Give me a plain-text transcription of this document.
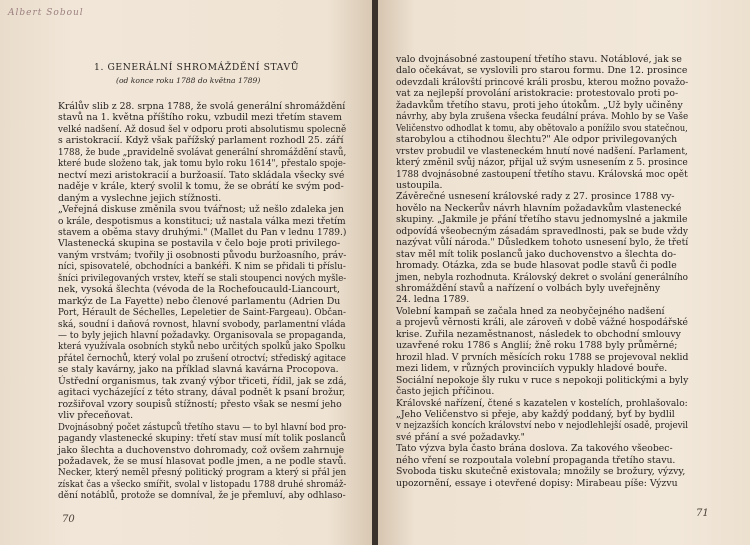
Albert Soboul
1. GENERÁLNÍ SHROMÁŽDĚNÍ STAVŮ
(od konce roku 1788 do května 1789)
Králův slib z 28. srpna 1788, že svolá generální shromáždění
stavů na 1. května příštího roku, vzbudil mezi třetím stavem
velké nadšení. Až dosud šel v odporu proti absolutismu spolecně
s aristokracií. Když však pařížský parlament rozhodl 25. září
1788, že bude „pravidelně svolávat generální shromáždění stavů,
které bude složeno tak, jak tomu bylo roku 1614", přestalo spoje-
nectví mezi aristokracií a buržoasií. Tato skládala všecky své
naděje v krále, který svolil k tomu, že se obrátí ke svým pod-
daným a vyslechne jejich stížnosti.
„Veřejná diskuse změnila svou tvářnost; už nešlo zdaleka jen
o krále, despotismus a konstituci; už nastala válka mezi třetím
stavem a oběma stavy druhými." (Mallet du Pan v lednu 1789.)
Vlastenecká skupina se postavila v čelo boje proti privilego-
vaným vrstvám; tvořily ji osobnosti původu buržoasního, práv-
níci, spisovatelé, obchodníci a bankéři. K nim se přidali ti příslu-
šníci privilegovaných vrstev, kteří se stali stoupenci nových myšle-
nek, vysoká šlechta (vévoda de la Rochefoucauld-Liancourt,
markýz de La Fayette) nebo členové parlamentu (Adrien Du
Port, Hérault de Séchelles, Lepeletier de Saint-Fargeau). Občan-
ská, soudní i daňová rovnost, hlavní svobody, parlamentní vláda
— to byly jejich hlavní požadavky. Organisovala se propaganda,
která využívala osobních styků nebo určitých spolků jako Spolku
přátel černochů, který volal po zrušení otroctví; střediský agitace
se staly kavárny, jako na příklad slavná kavárna Procopova.
Ústřední organismus, tak zvaný výbor třiceti, řídil, jak se zdá,
agitaci vycházející z této strany, dával podnět k psaní brožur,
rozšiřoval vzory soupisů stížností; přesto však se nesmí jeho
vliv přeceňovat.
Dvojnásobný počet zástupců třetího stavu — to byl hlavní bod pro-
pagandy vlastenecké skupiny: třetí stav musí mít tolik poslanců
jako šlechta a duchovenstvo dohromady, což ovšem zahrnuje
požadavek, že se musí hlasovat podle jmen, a ne podle stavů.
Necker, který neměl přesný politický program a který si přál jen
získat čas a všecko smířit, svolal v listopadu 1788 druhé shromáž-
dění notáblů, protože se domníval, že je přemluví, aby odhlaso-
70
valo dvojnásobné zastoupení třetího stavu. Notáblové, jak se
dalo očekávat, se vyslovili pro starou formu. Dne 12. prosince
odevzdali královští princové králi prosbu, kterou možno považo-
vat za nejlepší provolání aristokracie: protestovalo proti po-
žadavkům třetího stavu, proti jeho útokům. „Už byly učiněny
návrhy, aby byla zrušena všecka feudální práva. Mohlo by se Vaše
Veličenstvo odhodlat k tomu, aby obětovalo a ponížilo svou statečnou,
starobylou a ctihodnou šlechtu?" Ale odpor privilegovaných
vrstev probudil ve vlasteneckém hnutí nové nadšení. Parlament,
který změnil svůj názor, přijal už svým usnesením z 5. prosince
1788 dvojnásobné zastoupení třetího stavu. Královská moc opět
ustoupila.
Závěrečné usnesení královské rady z 27. prosince 1788 vy-
hovělo na Neckerův návrh hlavním požadavkům vlastenecké
skupiny. „Jakmile je přání třetího stavu jednomyslné a jakmile
odpovídá všeobecným zásadám spravedlnosti, pak se bude vždy
nazývat vůlí národa." Důsledkem tohoto usnesení bylo, že třetí
stav měl mít tolik poslanců jako duchovenstvo a šlechta do-
hromady. Otázka, zda se bude hlasovat podle stavů či podle
jmen, nebyla rozhodnuta. Královský dekret o svolání generálního
shromáždění stavů a nařízení o volbách byly uveřejněny
24. ledna 1789.
Volební kampaň se začala hned za neobyčejného nadšení
a projevů věrnosti králi, ale zároveň v době vážné hospodářské
krise. Zuřila nezaměstnanost, následek to obchodní smlouvy
uzavřené roku 1786 s Anglií; žně roku 1788 byly průměrné;
hrozil hlad. V prvních měsících roku 1788 se projevoval neklid
mezi lidem, v různých provinciích vypukly hladové bouře.
Sociální nepokoje šly ruku v ruce s nepokoji politickými a byly
často jejich příčinou.
Královské nařízení, čtené s kazatelen v kostelích, prohlašovalo:
„Jeho Veličenstvo si přeje, aby každý poddaný, byť by bydlil
v nejzazších koncích království nebo v nejodlehlejší osadě, projevil
své přání a své požadavky."
Tato výzva byla často brána doslova. Za takového všeobec-
ného vření se rozpoutala volební propaganda třetího stavu.
Svoboda tisku skutečně existovala; množily se brožury, výzvy,
upozornění, essaye i otevřené dopisy: Mirabeau píše: Výzvu
71
